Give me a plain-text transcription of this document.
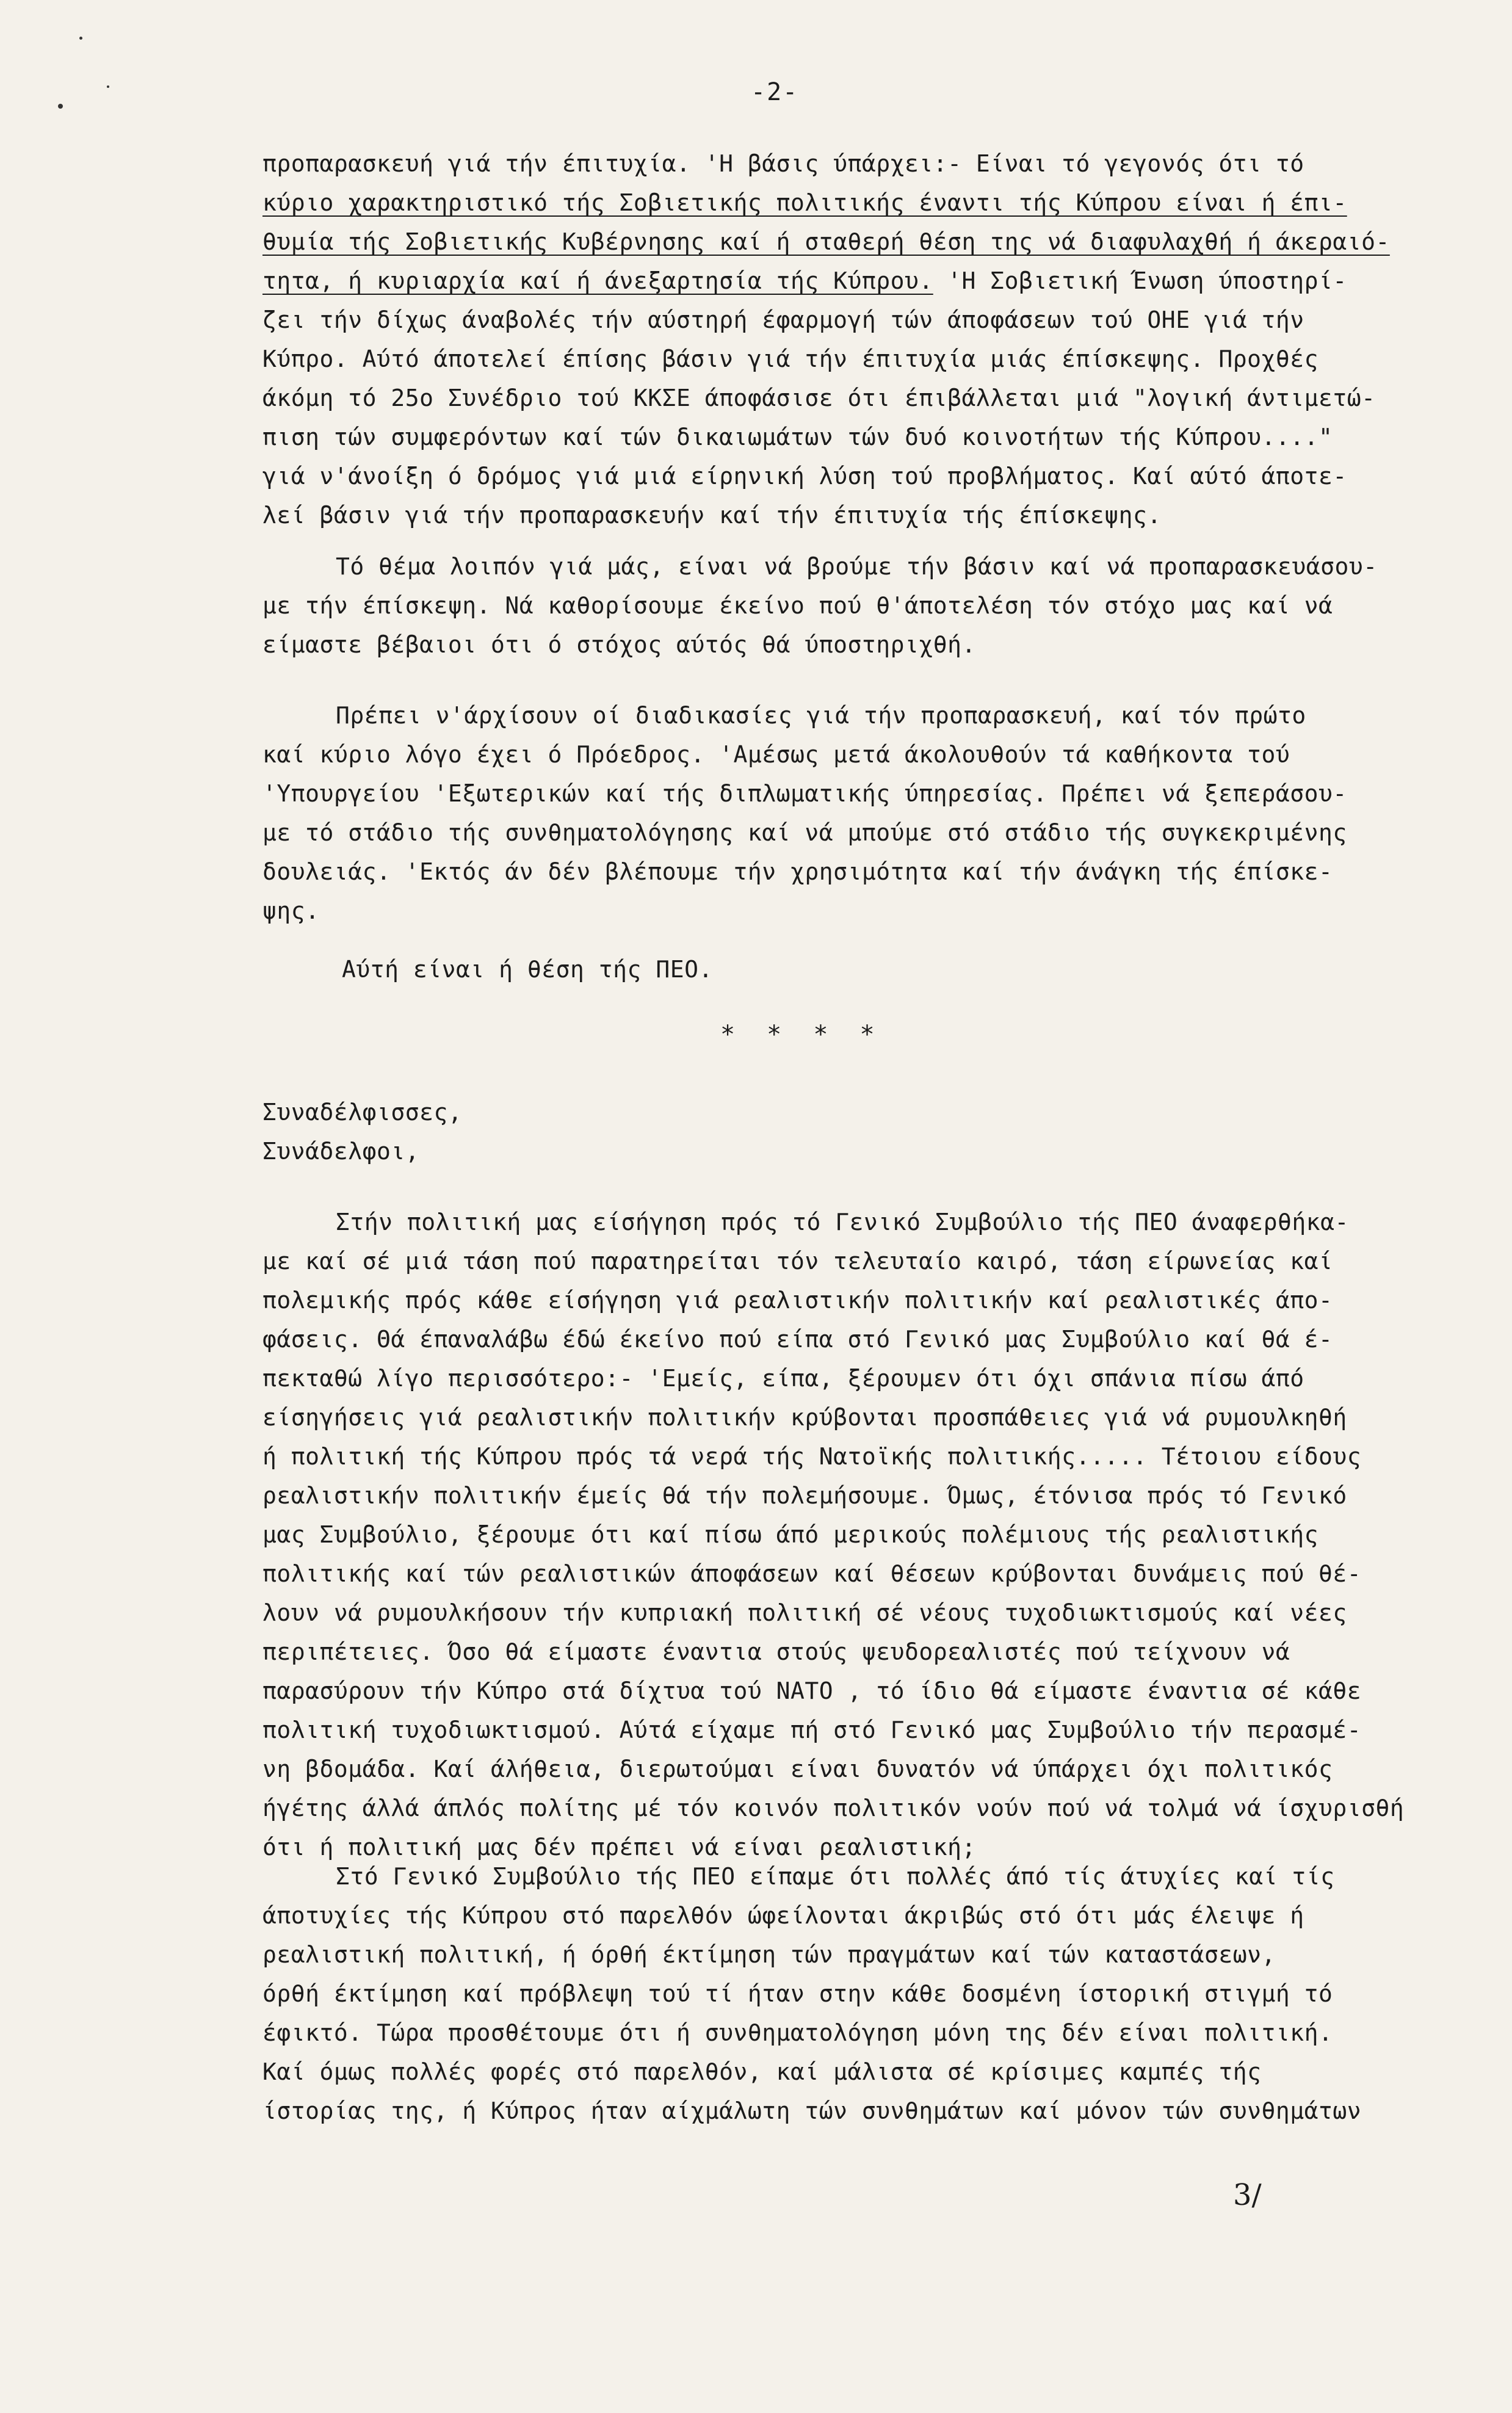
-2-
προπαρασκευή γιά τήν έπιτυχία. 'Η βάσις ύπάρχει:- Είναι τό γεγονός ότι τό
κύριο χαρακτηριστικό τής Σοβιετικής πολιτικής έναντι τής Κύπρου είναι ή έπι-
θυμία τής Σοβιετικής Κυβέρνησης καί ή σταθερή θέση της νά διαφυλαχθή ή άκεραιό-
τητα, ή κυριαρχία καί ή άνεξαρτησία τής Κύπρου. 'Η Σοβιετική Ένωση ύποστηρί-
ζει τήν δίχως άναβολές τήν αύστηρή έφαρμογή τών άποφάσεων τού ΟΗΕ γιά τήν
Κύπρο. Αύτό άποτελεί έπίσης βάσιν γιά τήν έπιτυχία μιάς έπίσκεψης. Προχθές
άκόμη τό 25ο Συνέδριο τού ΚΚΣΕ άποφάσισε ότι έπιβάλλεται μιά "λογική άντιμετώ-
πιση τών συμφερόντων καί τών δικαιωμάτων τών δυό κοινοτήτων τής Κύπρου...."
γιά ν'άνοίξη ό δρόμος γιά μιά είρηνική λύση τού προβλήματος. Καί αύτό άποτε-
λεί βάσιν γιά τήν προπαρασκευήν καί τήν έπιτυχία τής έπίσκεψης.
Τό θέμα λοιπόν γιά μάς, είναι νά βρούμε τήν βάσιν καί νά προπαρασκευάσου-
με τήν έπίσκεψη. Νά καθορίσουμε έκείνο πού θ'άποτελέση τόν στόχο μας καί νά
είμαστε βέβαιοι ότι ό στόχος αύτός θά ύποστηριχθή.
Πρέπει ν'άρχίσουν οί διαδικασίες γιά τήν προπαρασκευή, καί τόν πρώτο
καί κύριο λόγο έχει ό Πρόεδρος. 'Αμέσως μετά άκολουθούν τά καθήκοντα τού
'Υπουργείου 'Εξωτερικών καί τής διπλωματικής ύπηρεσίας. Πρέπει νά ξεπεράσου-
με τό στάδιο τής συνθηματολόγησης καί νά μπούμε στό στάδιο τής συγκεκριμένης
δουλειάς. 'Εκτός άν δέν βλέπουμε τήν χρησιμότητα καί τήν άνάγκη τής έπίσκε-
ψης.
Αύτή είναι ή θέση τής ΠΕΟ.
* * * *
Συναδέλφισσες,
Συνάδελφοι,
Στήν πολιτική μας είσήγηση πρός τό Γενικό Συμβούλιο τής ΠΕΟ άναφερθήκα-
με καί σέ μιά τάση πού παρατηρείται τόν τελευταίο καιρό, τάση είρωνείας καί
πολεμικής πρός κάθε είσήγηση γιά ρεαλιστικήν πολιτικήν καί ρεαλιστικές άπο-
φάσεις. Θά έπαναλάβω έδώ έκείνο πού είπα στό Γενικό μας Συμβούλιο καί θά έ-
πεκταθώ λίγο περισσότερο:- 'Εμείς, είπα, ξέρουμεν ότι όχι σπάνια πίσω άπό
είσηγήσεις γιά ρεαλιστικήν πολιτικήν κρύβονται προσπάθειες γιά νά ρυμουλκηθή
ή πολιτική τής Κύπρου πρός τά νερά τής Νατοϊκής πολιτικής..... Τέτοιου είδους
ρεαλιστικήν πολιτικήν έμείς θά τήν πολεμήσουμε. Όμως, έτόνισα πρός τό Γενικό
μας Συμβούλιο, ξέρουμε ότι καί πίσω άπό μερικούς πολέμιους τής ρεαλιστικής
πολιτικής καί τών ρεαλιστικών άποφάσεων καί θέσεων κρύβονται δυνάμεις πού θέ-
λουν νά ρυμουλκήσουν τήν κυπριακή πολιτική σέ νέους τυχοδιωκτισμούς καί νέες
περιπέτειες. Όσο θά είμαστε έναντια στούς ψευδορεαλιστές πού τείχνουν νά
παρασύρουν τήν Κύπρο στά δίχτυα τού ΝΑΤΟ , τό ίδιο θά είμαστε έναντια σέ κάθε
πολιτική τυχοδιωκτισμού. Αύτά είχαμε πή στό Γενικό μας Συμβούλιο τήν περασμέ-
νη βδομάδα. Καί άλήθεια, διερωτούμαι είναι δυνατόν νά ύπάρχει όχι πολιτικός
ήγέτης άλλά άπλός πολίτης μέ τόν κοινόν πολιτικόν νούν πού νά τολμά νά ίσχυρισθή
ότι ή πολιτική μας δέν πρέπει νά είναι ρεαλιστική;
Στό Γενικό Συμβούλιο τής ΠΕΟ είπαμε ότι πολλές άπό τίς άτυχίες καί τίς
άποτυχίες τής Κύπρου στό παρελθόν ώφείλονται άκριβώς στό ότι μάς έλειψε ή
ρεαλιστική πολιτική, ή όρθή έκτίμηση τών πραγμάτων καί τών καταστάσεων,
όρθή έκτίμηση καί πρόβλεψη τού τί ήταν στην κάθε δοσμένη ίστορική στιγμή τό
έφικτό. Τώρα προσθέτουμε ότι ή συνθηματολόγηση μόνη της δέν είναι πολιτική.
Καί όμως πολλές φορές στό παρελθόν, καί μάλιστα σέ κρίσιμες καμπές τής
ίστορίας της, ή Κύπρος ήταν αίχμάλωτη τών συνθημάτων καί μόνον τών συνθημάτων
3/
